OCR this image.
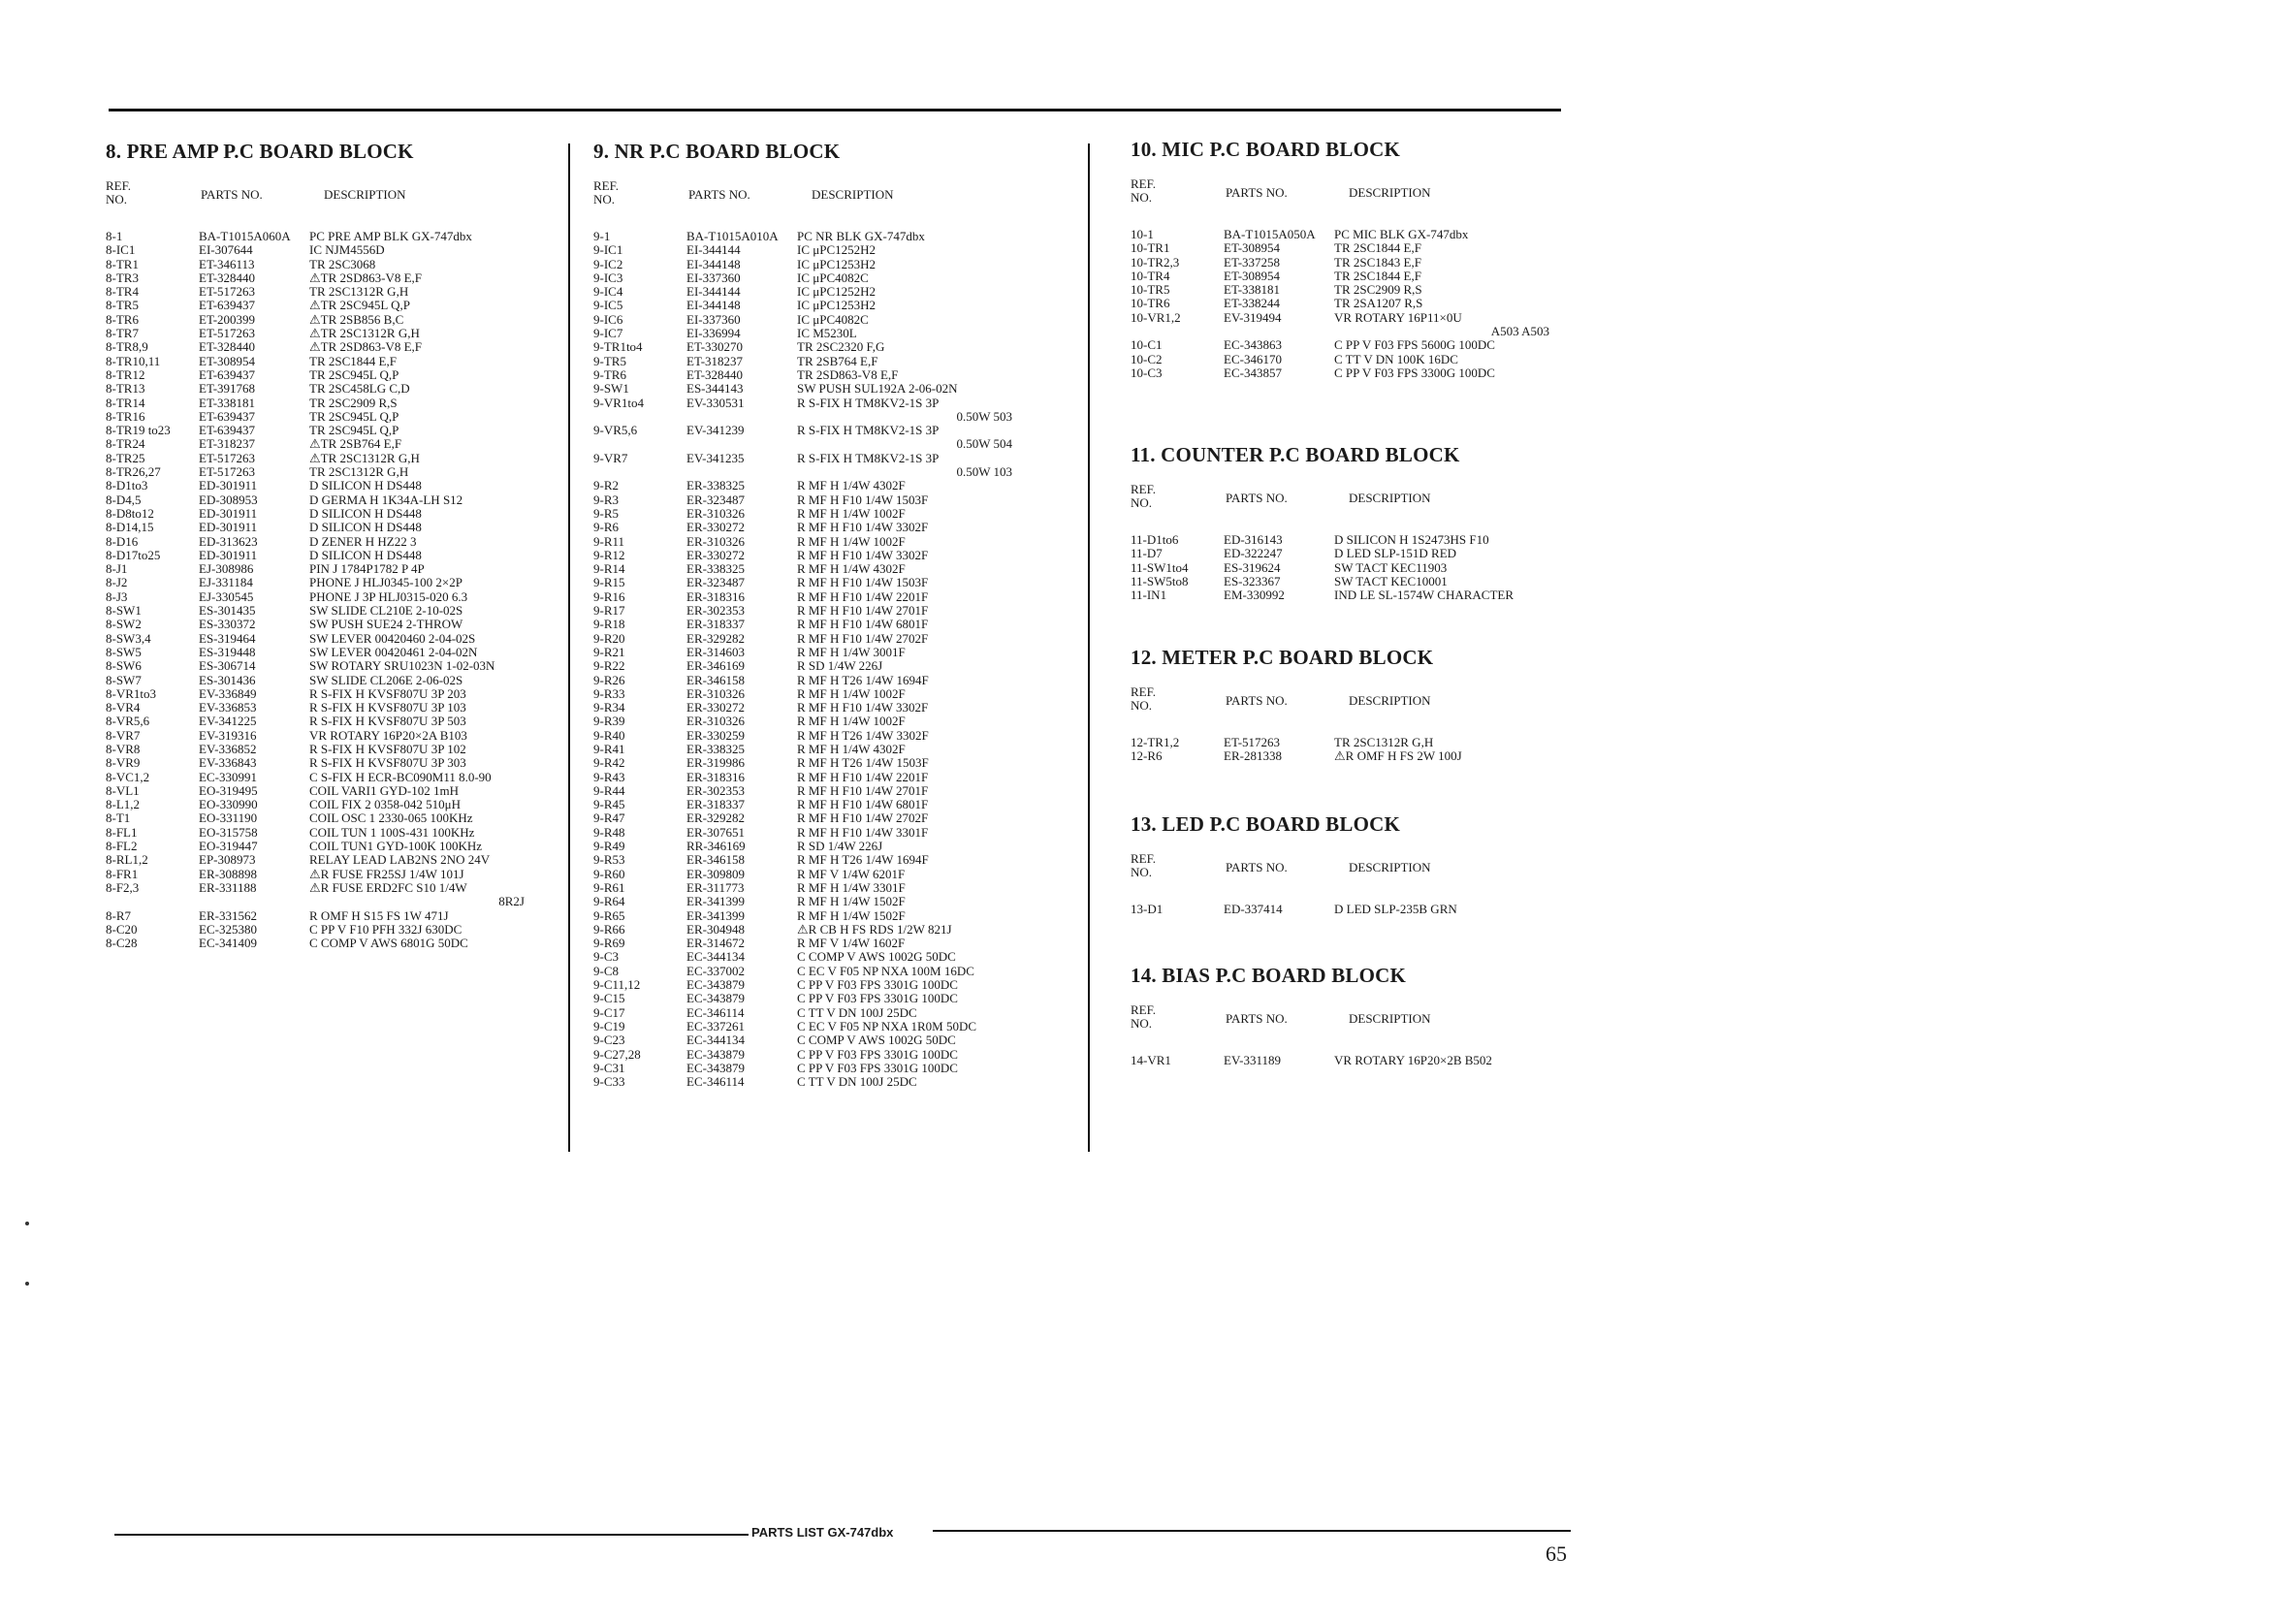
8. PRE AMP P.C BOARD BLOCK
REF.
NO.	PARTS NO.	DESCRIPTION
8-1	BA-T1015A060A PC PRE AMP BLK GX-747dbx
8-IC1	EI-307644	IC NJM4556D
8-TR1	ET-346113	TR 2SC3068
8-TR3	ET-328440	⚠TR 2SD863-V8 E,F
8-TR4	ET-517263	TR 2SC1312R G,H
8-TR5	ET-639437	⚠TR 2SC945L Q,P
8-TR6	ET-200399	⚠TR 2SB856 B,C
8-TR7	ET-517263	⚠TR 2SC1312R G,H
8-TR8,9	ET-328440	⚠TR 2SD863-V8 E,F
8-TR10,11	ET-308954	TR 2SC1844 E,F
8-TR12	ET-639437	TR 2SC945L Q,P
8-TR13	ET-391768	TR 2SC458LG C,D
8-TR14	ET-338181	TR 2SC2909 R,S
8-TR16	ET-639437	TR 2SC945L Q,P
8-TR19 to23 ET-639437	TR 2SC945L Q,P
8-TR24	ET-318237	⚠TR 2SB764 E,F
8-TR25	ET-517263	⚠TR 2SC1312R G,H
8-TR26,27	ET-517263	TR 2SC1312R G,H
8-D1to3	ED-301911	D SILICON H DS448
8-D4,5	ED-308953	D GERMA H 1K34A-LH S12
8-D8to12	ED-301911	D SILICON H DS448
8-D14,15	ED-301911	D SILICON H DS448
8-D16	ED-313623	D ZENER H HZ22 3
8-D17to25	ED-301911	D SILICON H DS448
8-J1	EJ-308986	PIN J 1784P1782 P 4P
8-J2	EJ-331184	PHONE J HLJ0345-100 2×2P
8-J3	EJ-330545	PHONE J 3P HLJ0315-020 6.3
8-SW1	ES-301435	SW SLIDE CL210E 2-10-02S
8-SW2	ES-330372	SW PUSH SUE24 2-THROW
8-SW3,4	ES-319464	SW LEVER 00420460 2-04-02S
8-SW5	ES-319448	SW LEVER 00420461 2-04-02N
8-SW6	ES-306714	SW ROTARY SRU1023N 1-02-03N
8-SW7	ES-301436	SW SLIDE CL206E 2-06-02S
8-VR1to3	EV-336849	R S-FIX H KVSF807U 3P 203
8-VR4	EV-336853	R S-FIX H KVSF807U 3P 103
8-VR5,6	EV-341225	R S-FIX H KVSF807U 3P 503
8-VR7	EV-319316	VR ROTARY 16P20×2A B103
8-VR8	EV-336852	R S-FIX H KVSF807U 3P 102
8-VR9	EV-336843	R S-FIX H KVSF807U 3P 303
8-VC1,2	EC-330991	C S-FIX H ECR-BC090M11 8.0-90
8-VL1	EO-319495	COIL VARI1 GYD-102 1mH
8-L1,2	EO-330990	COIL FIX 2 0358-042 510μH
8-T1	EO-331190	COIL OSC 1 2330-065 100KHz
8-FL1	EO-315758	COIL TUN 1 100S-431 100KHz
8-FL2	EO-319447	COIL TUN1 GYD-100K 100KHz
8-RL1,2	EP-308973	RELAY LEAD LAB2NS 2NO 24V
8-FR1	ER-308898	⚠R FUSE FR25SJ 1/4W 101J
8-F2,3	ER-331188	⚠R FUSE ERD2FC S10 1/4W
8R2J
8-R7	ER-331562	R OMF H S15 FS 1W 471J
8-C20	EC-325380	C PP V F10 PFH 332J 630DC
8-C28	EC-341409	C COMP V AWS 6801G 50DC
9. NR P.C BOARD BLOCK
REF.
NO.	PARTS NO.	DESCRIPTION
9-1	BA-T1015A010A PC NR BLK GX-747dbx
9-IC1	EI-344144	IC μPC1252H2
9-IC2	EI-344148	IC μPC1253H2
9-IC3	EI-337360	IC μPC4082C
9-IC4	EI-344144	IC μPC1252H2
9-IC5	EI-344148	IC μPC1253H2
9-IC6	EI-337360	IC μPC4082C
9-IC7	EI-336994	IC M5230L
9-TR1to4	ET-330270	TR 2SC2320 F,G
9-TR5	ET-318237	TR 2SB764 E,F
9-TR6	ET-328440	TR 2SD863-V8 E,F
9-SW1	ES-344143	SW PUSH SUL192A 2-06-02N
9-VR1to4	EV-330531	R S-FIX H TM8KV2-1S 3P
0.50W 503
9-VR5,6	EV-341239	R S-FIX H TM8KV2-1S 3P
0.50W 504
9-VR7	EV-341235	R S-FIX H TM8KV2-1S 3P
0.50W 103
9-R2	ER-338325	R MF H 1/4W 4302F
9-R3	ER-323487	R MF H F10 1/4W 1503F
9-R5	ER-310326	R MF H 1/4W 1002F
9-R6	ER-330272	R MF H F10 1/4W 3302F
9-R11	ER-310326	R MF H 1/4W 1002F
9-R12	ER-330272	R MF H F10 1/4W 3302F
9-R14	ER-338325	R MF H 1/4W 4302F
9-R15	ER-323487	R MF H F10 1/4W 1503F
9-R16	ER-318316	R MF H F10 1/4W 2201F
9-R17	ER-302353	R MF H F10 1/4W 2701F
9-R18	ER-318337	R MF H F10 1/4W 6801F
9-R20	ER-329282	R MF H F10 1/4W 2702F
9-R21	ER-314603	R MF H 1/4W 3001F
9-R22	ER-346169	R SD 1/4W 226J
9-R26	ER-346158	R MF H T26 1/4W 1694F
9-R33	ER-310326	R MF H 1/4W 1002F
9-R34	ER-330272	R MF H F10 1/4W 3302F
9-R39	ER-310326	R MF H 1/4W 1002F
9-R40	ER-330259	R MF H T26 1/4W 3302F
9-R41	ER-338325	R MF H 1/4W 4302F
9-R42	ER-319986	R MF H T26 1/4W 1503F
9-R43	ER-318316	R MF H F10 1/4W 2201F
9-R44	ER-302353	R MF H F10 1/4W 2701F
9-R45	ER-318337	R MF H F10 1/4W 6801F
9-R47	ER-329282	R MF H F10 1/4W 2702F
9-R48	ER-307651	R MF H F10 1/4W 3301F
9-R49	RR-346169	R SD 1/4W 226J
9-R53	ER-346158	R MF H T26 1/4W 1694F
9-R60	ER-309809	R MF V 1/4W 6201F
9-R61	ER-311773	R MF H 1/4W 3301F
9-R64	ER-341399	R MF H 1/4W 1502F
9-R65	ER-341399	R MF H 1/4W 1502F
9-R66	ER-304948	⚠R CB H FS RDS 1/2W 821J
9-R69	ER-314672	R MF V 1/4W 1602F
9-C3	EC-344134	C COMP V AWS 1002G 50DC
9-C8	EC-337002	C EC V F05 NP NXA 100M 16DC
9-C11,12	EC-343879	C PP V F03 FPS 3301G 100DC
9-C15	EC-343879	C PP V F03 FPS 3301G 100DC
9-C17	EC-346114	C TT V DN 100J 25DC
9-C19	EC-337261	C EC V F05 NP NXA 1R0M 50DC
9-C23	EC-344134	C COMP V AWS 1002G 50DC
9-C27,28	EC-343879	C PP V F03 FPS 3301G 100DC
9-C31	EC-343879	C PP V F03 FPS 3301G 100DC
9-C33	EC-346114	C TT V DN 100J 25DC
10. MIC P.C BOARD BLOCK
REF.
NO.	PARTS NO.	DESCRIPTION
10-1	BA-T1015A050A PC MIC BLK GX-747dbx
10-TR1	ET-308954	TR 2SC1844 E,F
10-TR2,3	ET-337258	TR 2SC1843 E,F
10-TR4	ET-308954	TR 2SC1844 E,F
10-TR5	ET-338181	TR 2SC2909 R,S
10-TR6	ET-338244	TR 2SA1207 R,S
10-VR1,2	EV-319494	VR ROTARY 16P11×0U
A503 A503
10-C1	EC-343863	C PP V F03 FPS 5600G 100DC
10-C2	EC-346170	C TT V DN 100K 16DC
10-C3	EC-343857	C PP V F03 FPS 3300G 100DC
11. COUNTER P.C BOARD BLOCK
REF.
NO.	PARTS NO.	DESCRIPTION
11-D1to6	ED-316143	D SILICON H 1S2473HS F10
11-D7	ED-322247	D LED SLP-151D RED
11-SW1to4	ES-319624	SW TACT KEC11903
11-SW5to8	ES-323367	SW TACT KEC10001
11-IN1	EM-330992	IND LE SL-1574W CHARACTER
12. METER P.C BOARD BLOCK
REF.
NO.	PARTS NO.	DESCRIPTION
12-TR1,2	ET-517263	TR 2SC1312R G,H
12-R6	ER-281338	⚠R OMF H FS 2W 100J
13. LED P.C BOARD BLOCK
REF.
NO.	PARTS NO.	DESCRIPTION
13-D1	ED-337414	D LED SLP-235B GRN
14. BIAS P.C BOARD BLOCK
REF.
NO.	PARTS NO.	DESCRIPTION
14-VR1	EV-331189	VR ROTARY 16P20×2B B502
PARTS LIST GX-747dbx
65
